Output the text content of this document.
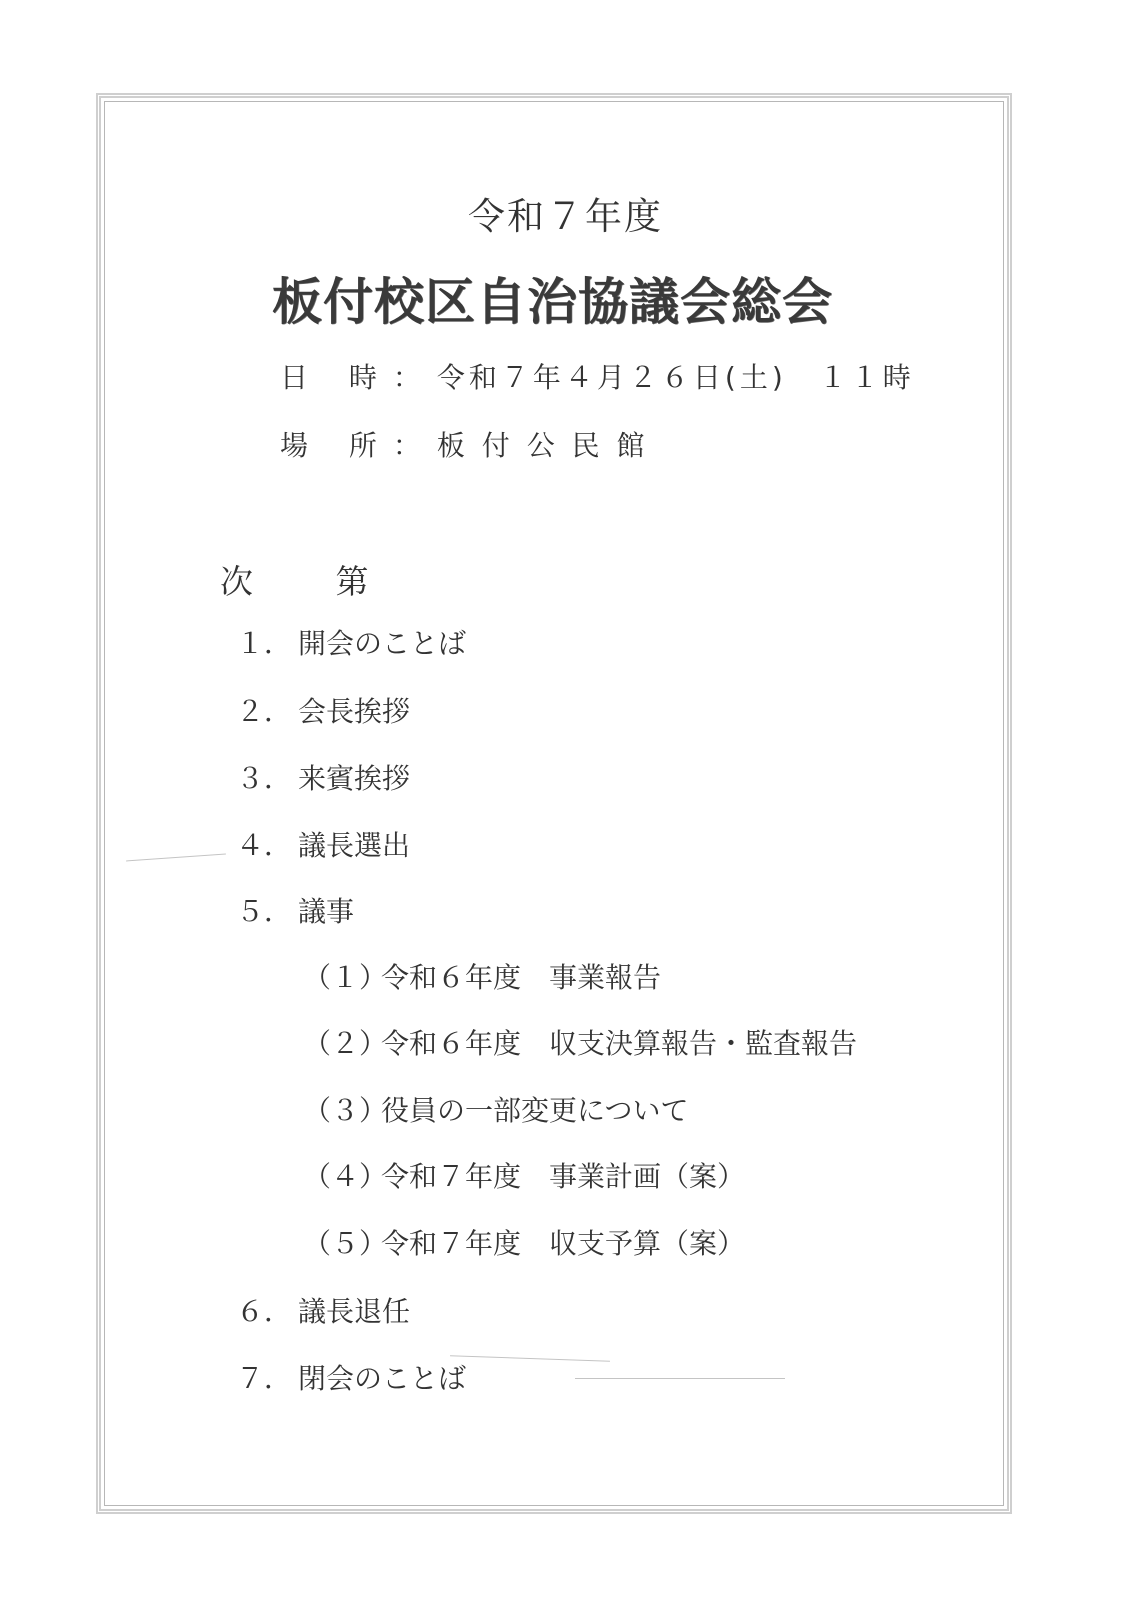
令和７年度
板付校区自治協議会総会
日 時：令和７年４月２６日(土)　１１時
場 所：板 付 公 民 館
次 第
１． 開会のことば
２． 会長挨拶
３． 来賓挨拶
４． 議長選出
５． 議事
（１）令和６年度　事業報告
（２）令和６年度　収支決算報告・監査報告
（３）役員の一部変更について
（４）令和７年度　事業計画（案）
（５）令和７年度　収支予算（案）
６． 議長退任
７． 閉会のことば
